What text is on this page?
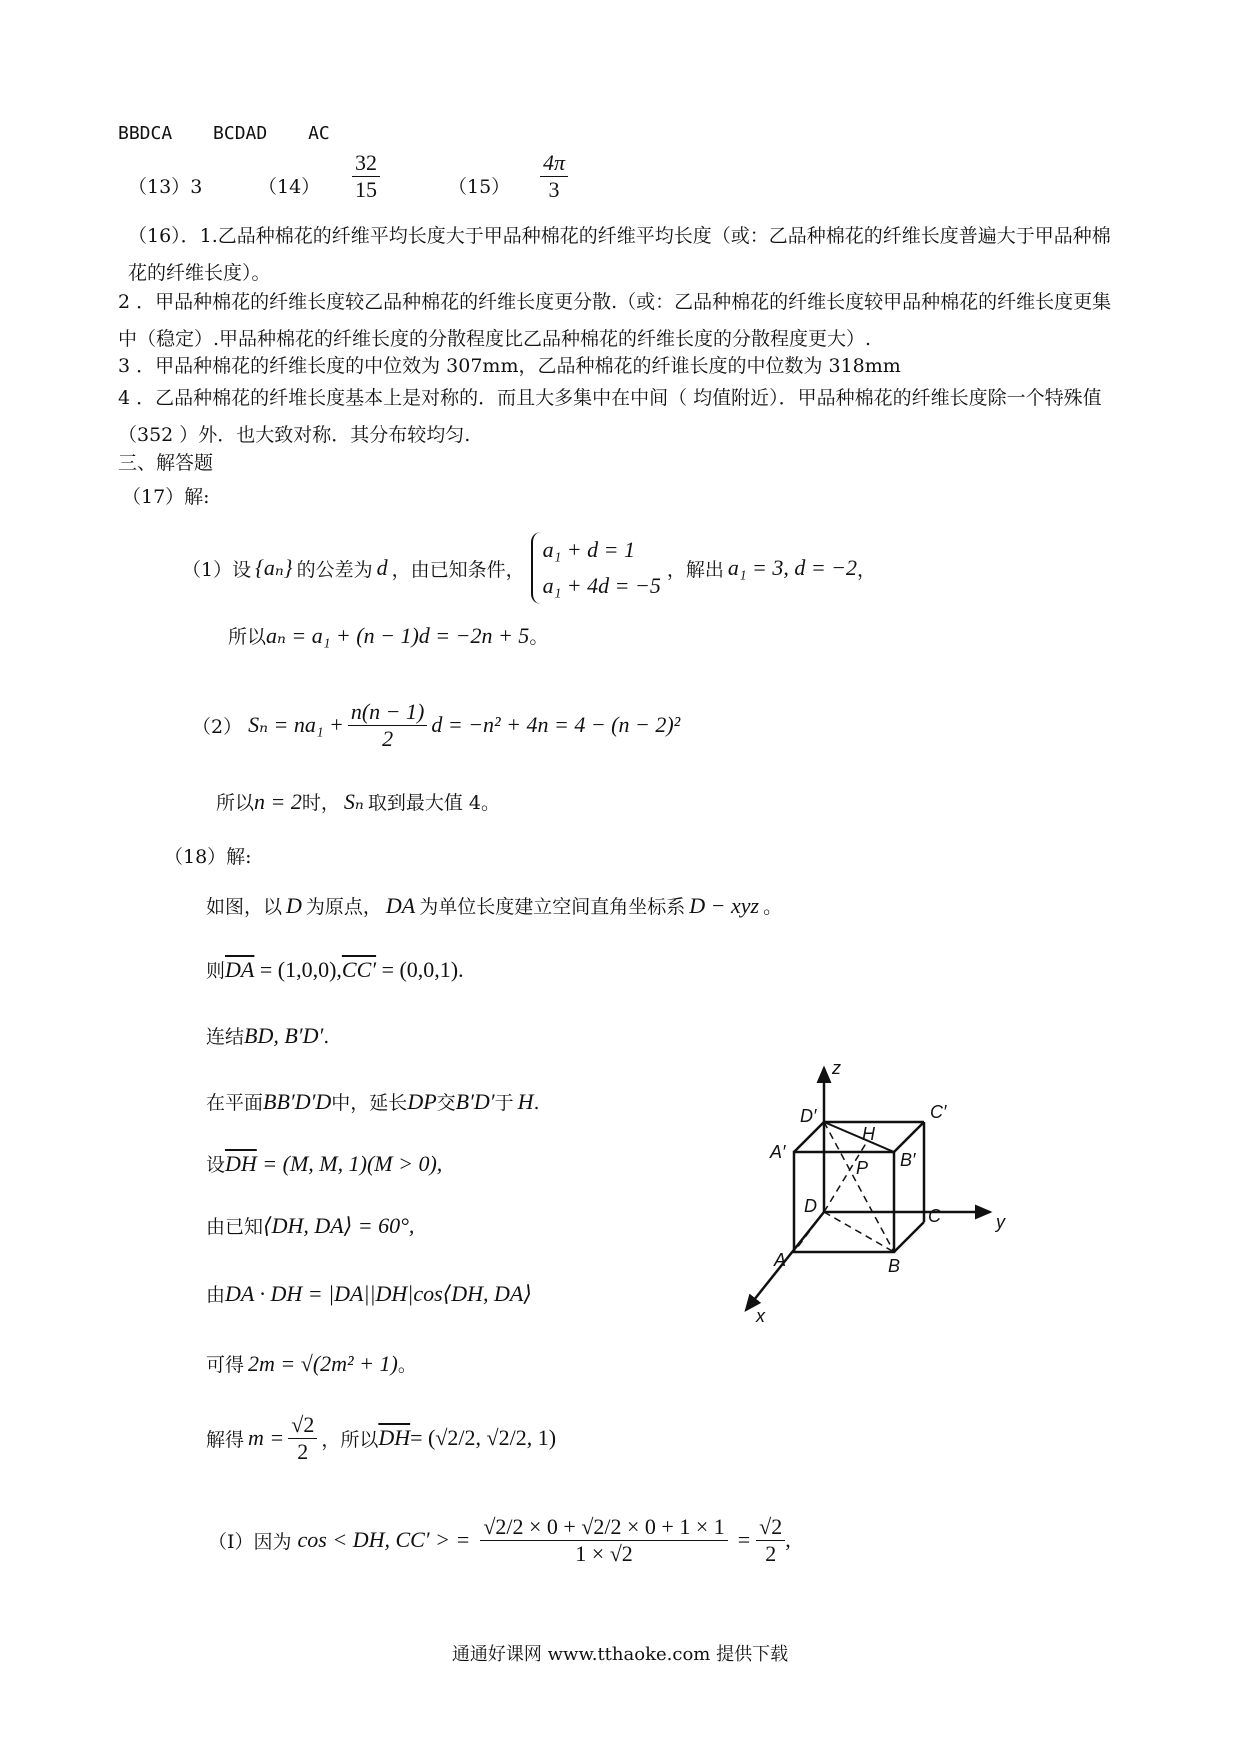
BBDCA BCDAD AC
（13）3	$(14) \frac{32}{15}$	$(15) \frac{4\pi}{3}$
（16）．1.乙品种棉花的纤维平均长度大于甲品种棉花的纤维平均长度（或：乙品种棉花的纤维长度普遍大于甲品种棉花的纤维长度）。
2 ．甲品种棉花的纤维长度较乙品种棉花的纤维长度更分散.（或：乙品种棉花的纤维长度较甲品种棉花的纤维长度更集中（稳定）.甲品种棉花的纤维长度的分散程度比乙品种棉花的纤维长度的分散程度更大）.
3 ．甲品种棉花的纤维长度的中位效为 307mm，乙品种棉花的纤谁长度的中位数为 318mm
4 ．乙品种棉花的纤堆长度基本上是对称的．而且大多集中在中间（ 均值附近）．甲品种棉花的纤维长度除一个特殊值（352 ）外．也大致对称．其分布较均匀.
三、解答题
（17）解:
（1）设 {aₙ} 的公差为 d ，由已知条件，
a₁ + d = 1
a₁ + 4d = −5
，解出 a₁ = 3, d = −2 ，
所以aₙ = a₁ + (n − 1)d = −2n + 5。
（2） $S_n = na_1 + \frac{n(n - 1)}{2}$ d = −n² + 4n = 4 − (n − 2)²
所以n = 2时， Sₙ 取到最大值 4。
（18）解:
如图，以 D 为原点， DA 为单位长度建立空间直角坐标系 D − xyz 。
则$\overline{DA} = (1,0,0),CC' = (0,0,1)$.
连结BD, B′D′.
在平面BB′D′D中，延长DP交B′D′于 H.
设$\overline{DH} = (M$, M, 1)(M > 0),
由已知⟨DH, DA⟩ = 60°,
由DA · DH = |DA||DH|cos⟨DH, DA⟩
可得 2m = √(2m² + 1)。
解得 $m = \frac{√2}{2}$ ，所以 $\overline{DH} = (√2/2$, √2/2, 1)
（Ⅰ）因为 cos < DH, CC′ > = $\frac{√2/2 \times 0 + √2/2 \times 0 + 1 \times 1}{1 \times √2} = \frac{√2}{2}$ ,
z
y
x
D′	C′
A′	B′
H
P
D	C
A	B
通通好课网 www.tthaoke.com 提供下载
